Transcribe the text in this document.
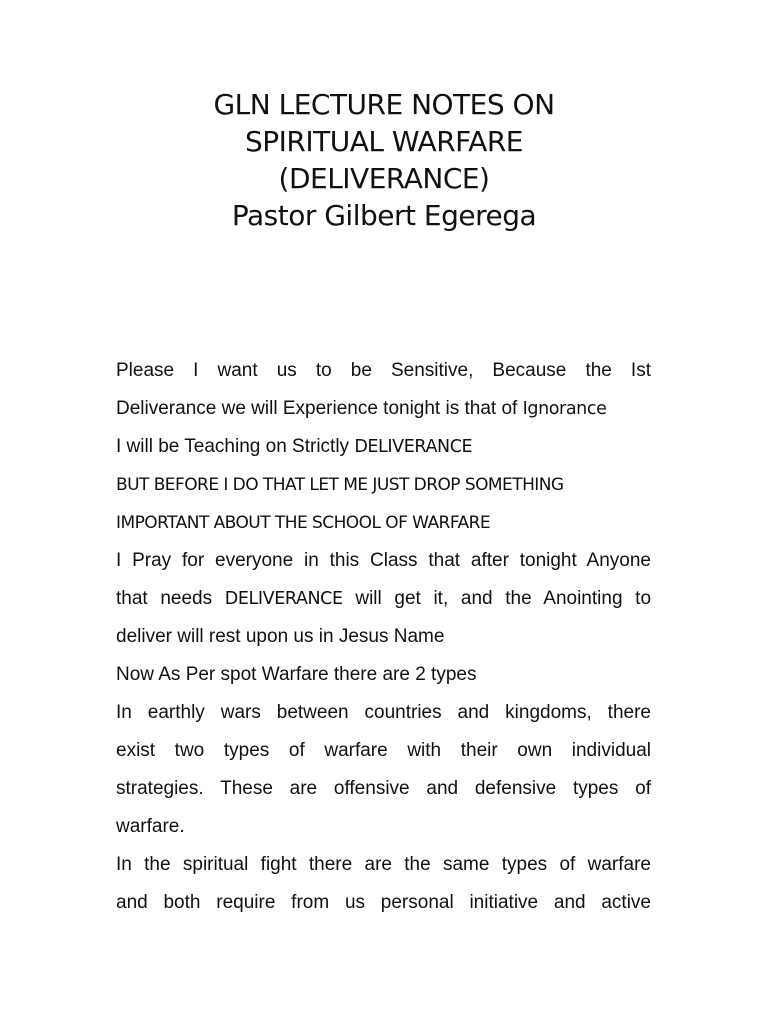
GLN LECTURE NOTES ON
SPIRITUAL WARFARE
(DELIVERANCE)
Pastor Gilbert Egerega
Please I want us to be Sensitive, Because the Ist
Deliverance we will Experience tonight is that of Ignorance
I will be Teaching on Strictly DELIVERANCE
BUT BEFORE I DO THAT LET ME JUST DROP SOMETHING
IMPORTANT ABOUT THE SCHOOL OF WARFARE
I Pray for everyone in this Class that after tonight Anyone
that needs DELIVERANCE will get it, and the Anointing to
deliver will rest upon us in Jesus Name
Now As Per spot Warfare there are 2 types
In earthly wars between countries and kingdoms, there
exist two types of warfare with their own individual
strategies. These are offensive and defensive types of
warfare.
In the spiritual fight there are the same types of warfare
and both require from us personal initiative and active
